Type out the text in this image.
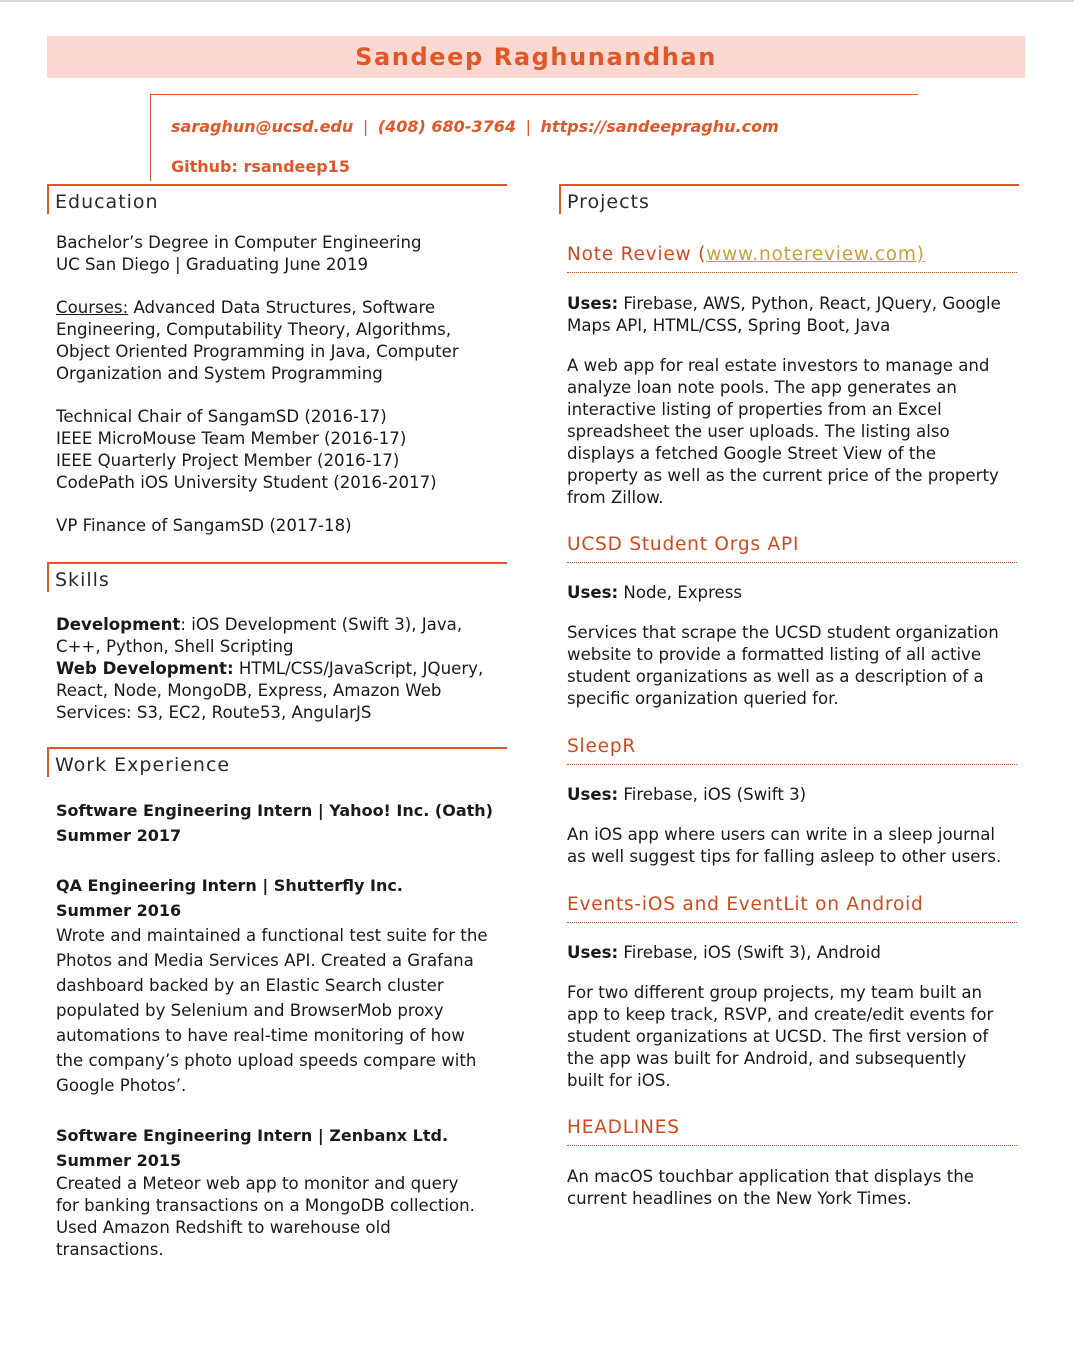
Sandeep Raghunandhan
saraghun@ucsd.edu | (408) 680-3764 | https://sandeepraghu.com
Github: rsandeep15
Education

Bachelor’s Degree in Computer Engineering

UC San Diego | Graduating June 2019

Courses: Advanced Data Structures, Software

Engineering, Computability Theory, Algorithms,

Object Oriented Programming in Java, Computer

Organization and System Programming

Technical Chair of SangamSD (2016-17)

IEEE MicroMouse Team Member (2016-17)

IEEE Quarterly Project Member (2016-17)

CodePath iOS University Student (2016-2017)

VP Finance of SangamSD (2017-18)

Skills

Development: iOS Development (Swift 3), Java,

C++, Python, Shell Scripting

Web Development: HTML/CSS/JavaScript, JQuery,

React, Node, MongoDB, Express, Amazon Web

Services: S3, EC2, Route53, AngularJS

Work Experience
Software Engineering Intern | Yahoo! Inc. (Oath)
Summer 2017
QA Engineering Intern | Shutterfly Inc.
Summer 2016
Wrote and maintained a functional test suite for the
Photos and Media Services API. Created a Grafana
dashboard backed by an Elastic Search cluster
populated by Selenium and BrowserMob proxy
automations to have real-time monitoring of how
the company’s photo upload speeds compare with
Google Photos’.
Software Engineering Intern | Zenbanx Ltd.
Summer 2015

Created a Meteor web app to monitor and query

for banking transactions on a MongoDB collection.

Used Amazon Redshift to warehouse old

transactions.

Projects
Note Review (www.notereview.com)

Uses: Firebase, AWS, Python, React, JQuery, Google

Maps API, HTML/CSS, Spring Boot, Java

A web app for real estate investors to manage and

analyze loan note pools. The app generates an

interactive listing of properties from an Excel

spreadsheet the user uploads. The listing also

displays a fetched Google Street View of the

property as well as the current price of the property

from Zillow.

UCSD Student Orgs API

Uses: Node, Express

Services that scrape the UCSD student organization

website to provide a formatted listing of all active

student organizations as well as a description of a

specific organization queried for.

SleepR

Uses: Firebase, iOS (Swift 3)

An iOS app where users can write in a sleep journal

as well suggest tips for falling asleep to other users.

Events-iOS and EventLit on Android

Uses: Firebase, iOS (Swift 3), Android

For two different group projects, my team built an

app to keep track, RSVP, and create/edit events for

student organizations at UCSD. The first version of

the app was built for Android, and subsequently

built for iOS.

HEADLINES

An macOS touchbar application that displays the

current headlines on the New York Times.
